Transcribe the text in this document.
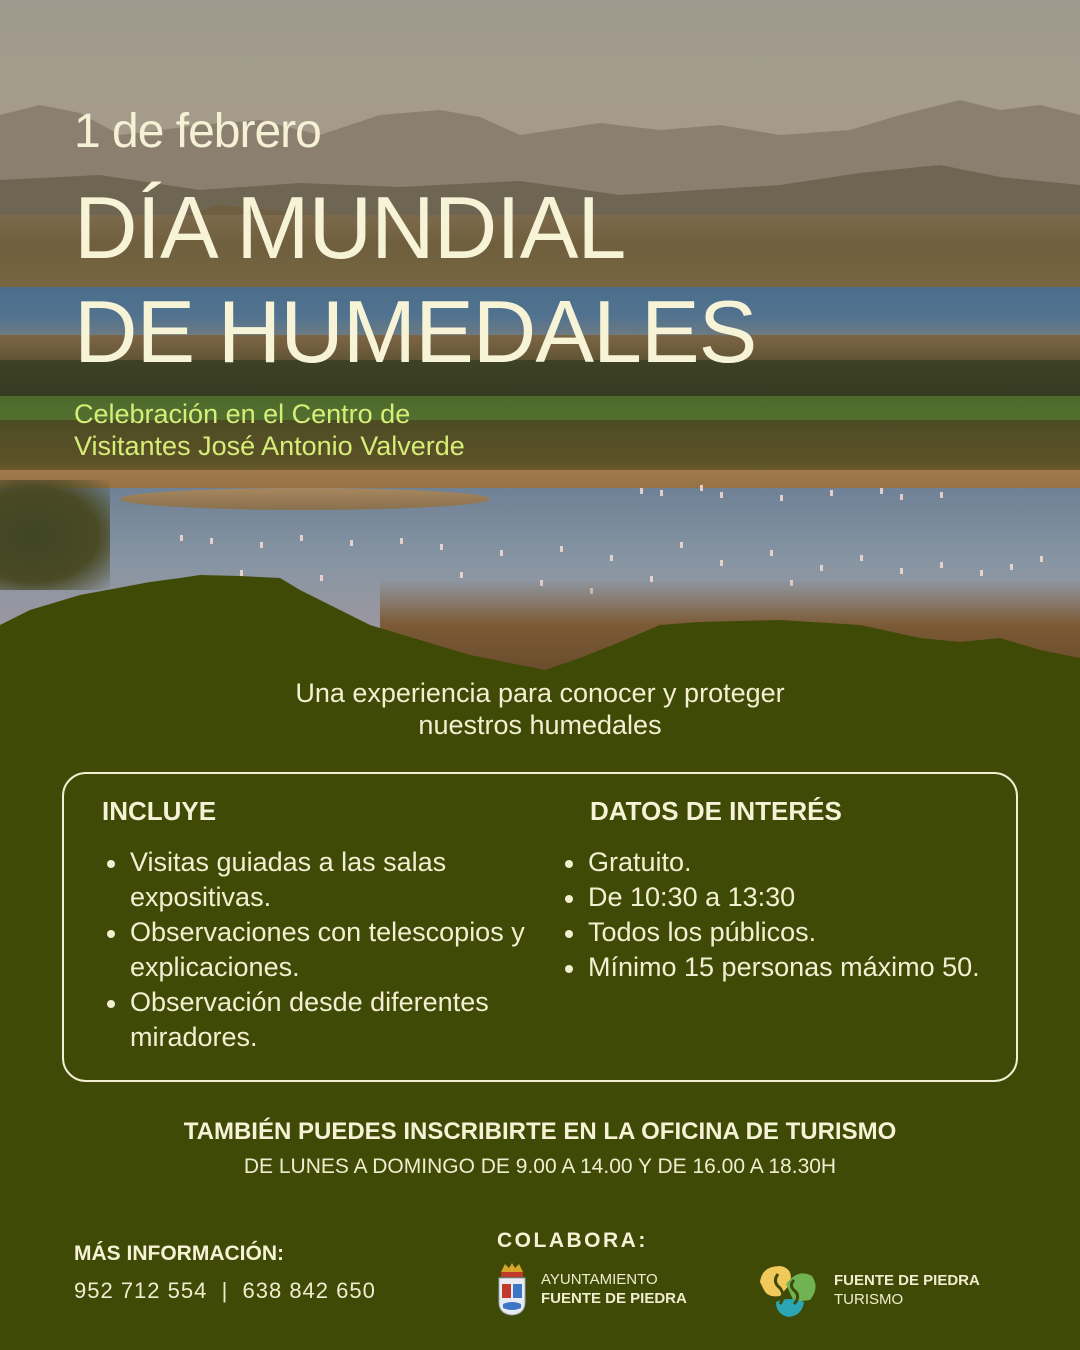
1 de febrero
DÍA MUNDIAL
DE HUMEDALES
Celebración en el Centro de
Visitantes José Antonio Valverde
Una experiencia para conocer y proteger
nuestros humedales
INCLUYE
Visitas guiadas a las salas expositivas.
Observaciones con telescopios y explicaciones.
Observación desde diferentes miradores.
DATOS DE INTERÉS
Gratuito.
De 10:30 a 13:30
Todos los públicos.
Mínimo 15 personas máximo 50.
TAMBIÉN PUEDES INSCRIBIRTE EN LA OFICINA DE TURISMO
DE LUNES A DOMINGO DE 9.00 A 14.00 Y DE 16.00 A 18.30H
MÁS INFORMACIÓN:
952 712 554  |  638 842 650
COLABORA:
AYUNTAMIENTO
FUENTE DE PIEDRA
FUENTE DE PIEDRA
TURISMO
